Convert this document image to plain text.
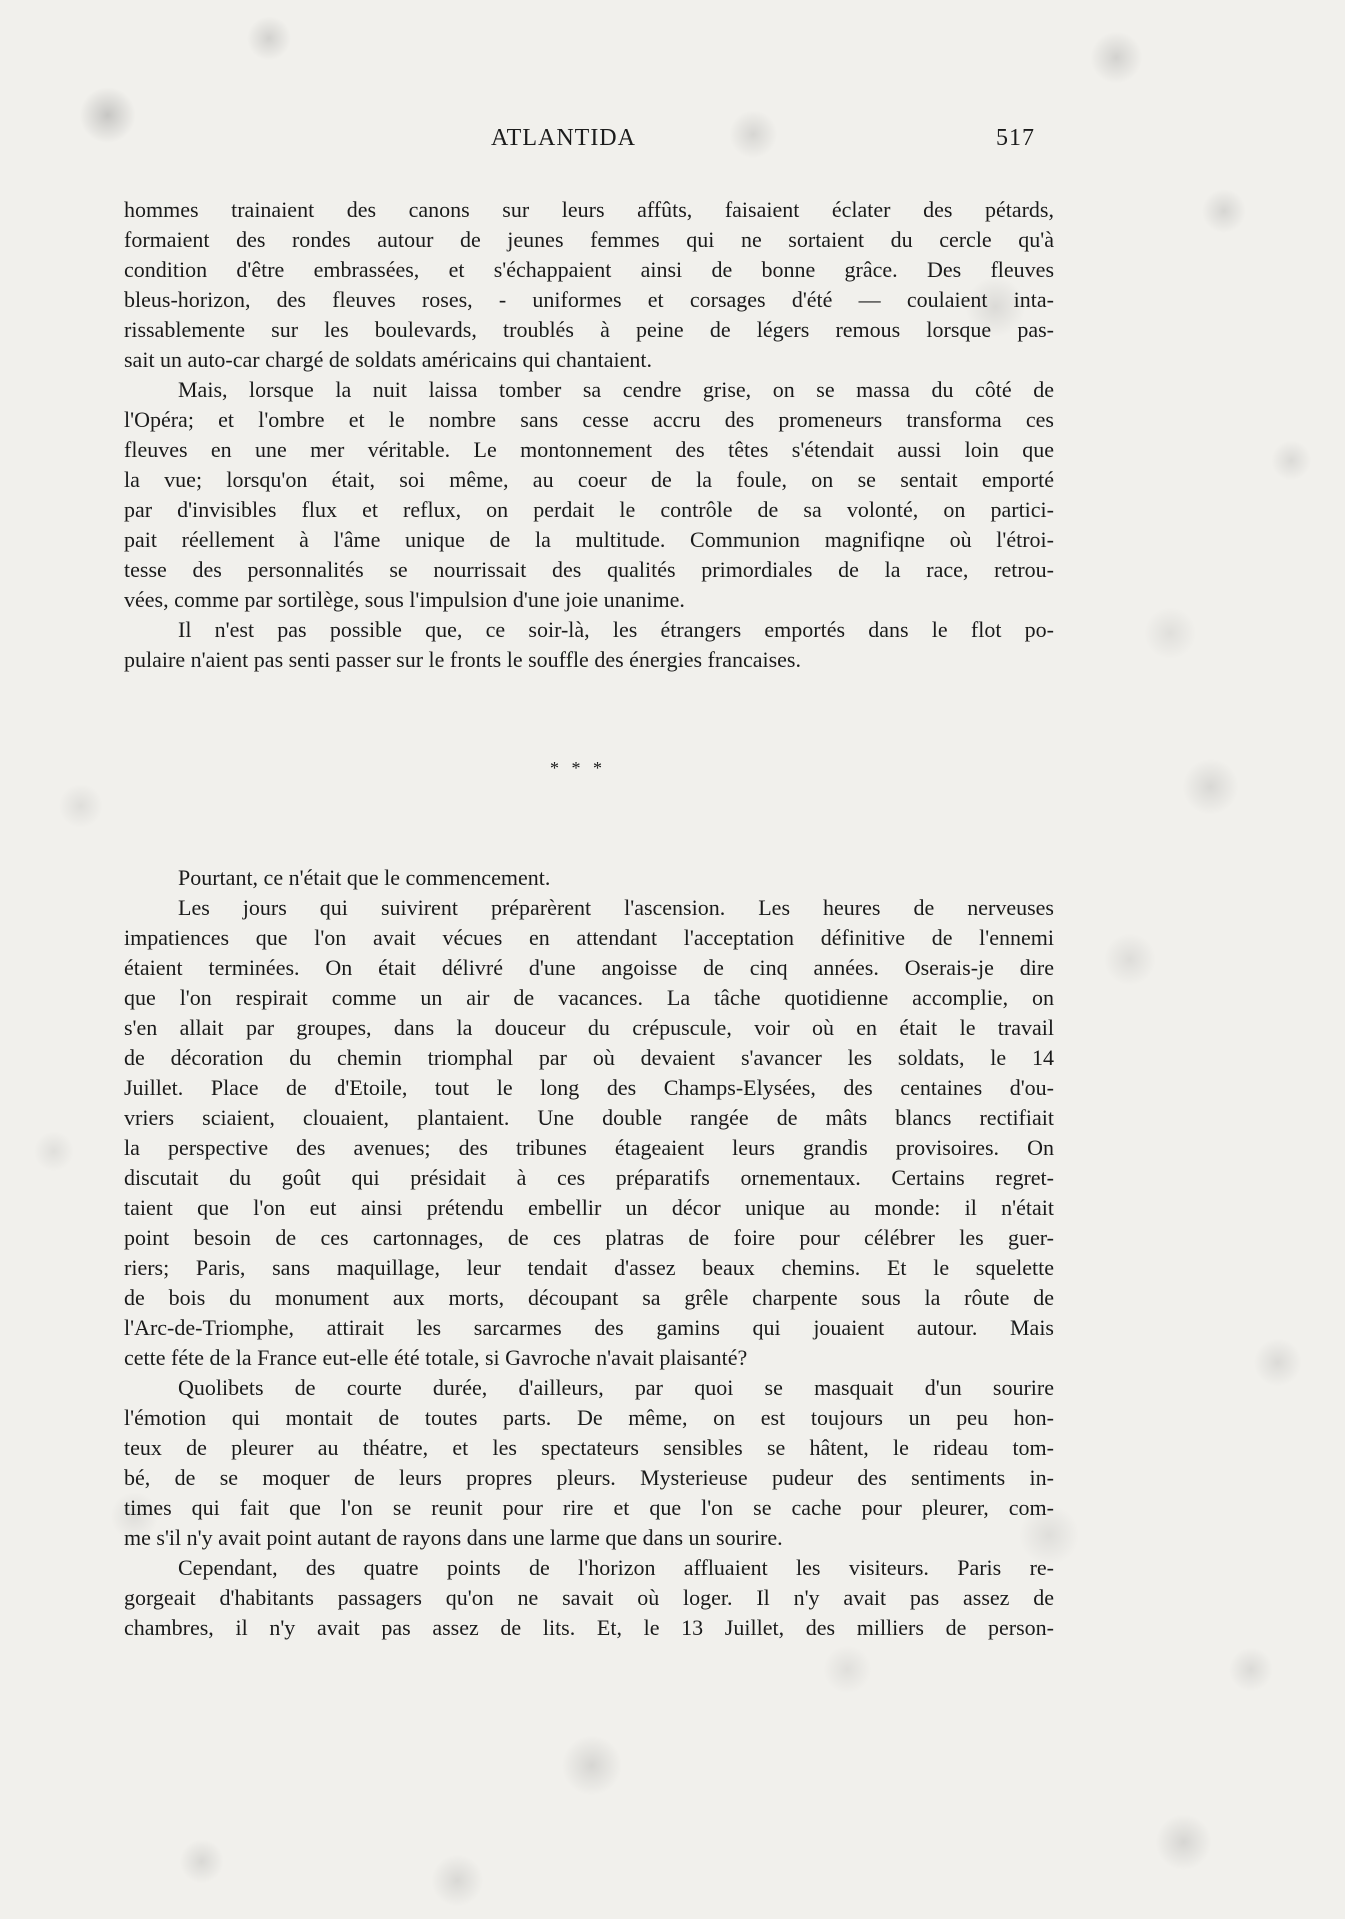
ATLANTIDA	517
hommes trainaient des canons sur leurs affûts, faisaient éclater des pétards,
formaient des rondes autour de jeunes femmes qui ne sortaient du cercle qu'à
condition d'être embrassées, et s'échappaient ainsi de bonne grâce. Des fleuves
bleus-horizon, des fleuves roses, - uniformes et corsages d'été — coulaient inta-
rissablemente sur les boulevards, troublés à peine de légers remous lorsque pas-
sait un auto-car chargé de soldats américains qui chantaient.
Mais, lorsque la nuit laissa tomber sa cendre grise, on se massa du côté de
l'Opéra; et l'ombre et le nombre sans cesse accru des promeneurs transforma ces
fleuves en une mer véritable. Le montonnement des têtes s'étendait aussi loin que
la vue; lorsqu'on était, soi même, au coeur de la foule, on se sentait emporté
par d'invisibles flux et reflux, on perdait le contrôle de sa volonté, on partici-
pait réellement à l'âme unique de la multitude. Communion magnifiqne où l'étroi-
tesse des personnalités se nourrissait des qualités primordiales de la race, retrou-
vées, comme par sortilège, sous l'impulsion d'une joie unanime.
Il n'est pas possible que, ce soir-là, les étrangers emportés dans le flot po-
pulaire n'aient pas senti passer sur le fronts le souffle des énergies francaises.
* * *
Pourtant, ce n'était que le commencement.
Les jours qui suivirent préparèrent l'ascension. Les heures de nerveuses
impatiences que l'on avait vécues en attendant l'acceptation définitive de l'ennemi
étaient terminées. On était délivré d'une angoisse de cinq années. Oserais-je dire
que l'on respirait comme un air de vacances. La tâche quotidienne accomplie, on
s'en allait par groupes, dans la douceur du crépuscule, voir où en était le travail
de décoration du chemin triomphal par où devaient s'avancer les soldats, le 14
Juillet. Place de d'Etoile, tout le long des Champs-Elysées, des centaines d'ou-
vriers sciaient, clouaient, plantaient. Une double rangée de mâts blancs rectifiait
la perspective des avenues; des tribunes étageaient leurs grandis provisoires. On
discutait du goût qui présidait à ces préparatifs ornementaux. Certains regret-
taient que l'on eut ainsi prétendu embellir un décor unique au monde: il n'était
point besoin de ces cartonnages, de ces platras de foire pour célébrer les guer-
riers; Paris, sans maquillage, leur tendait d'assez beaux chemins. Et le squelette
de bois du monument aux morts, découpant sa grêle charpente sous la rôute de
l'Arc-de-Triomphe, attirait les sarcarmes des gamins qui jouaient autour. Mais
cette féte de la France eut-elle été totale, si Gavroche n'avait plaisanté?
Quolibets de courte durée, d'ailleurs, par quoi se masquait d'un sourire
l'émotion qui montait de toutes parts. De même, on est toujours un peu hon-
teux de pleurer au théatre, et les spectateurs sensibles se hâtent, le rideau tom-
bé, de se moquer de leurs propres pleurs. Mysterieuse pudeur des sentiments in-
times qui fait que l'on se reunit pour rire et que l'on se cache pour pleurer, com-
me s'il n'y avait point autant de rayons dans une larme que dans un sourire.
Cependant, des quatre points de l'horizon affluaient les visiteurs. Paris re-
gorgeait d'habitants passagers qu'on ne savait où loger. Il n'y avait pas assez de
chambres, il n'y avait pas assez de lits. Et, le 13 Juillet, des milliers de person-
